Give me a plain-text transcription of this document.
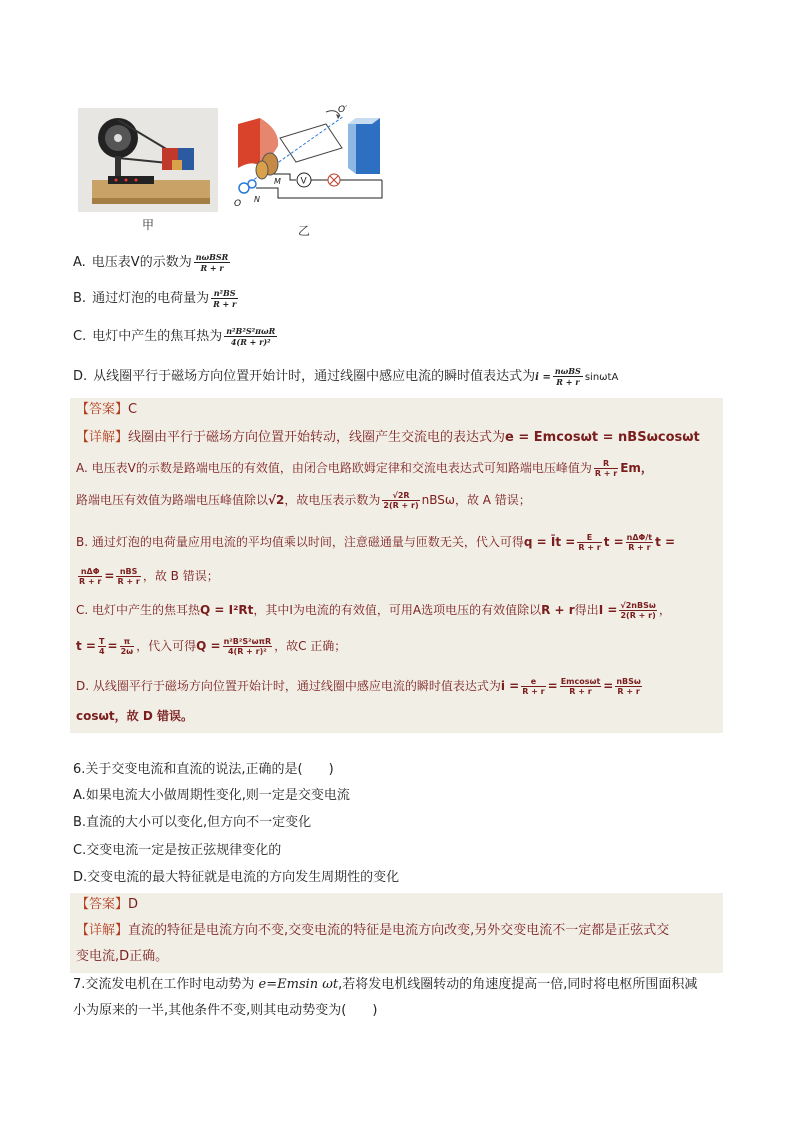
甲
O′
O N
M V
乙
A. 电压表V的示数为 $\frac{\text{nωBSR}}{R + r}$
B. 通过灯泡的电荷量为 $\frac{\text{n²BS}}{R + r}$
C. 电灯中产生的焦耳热为 $\frac{\text{n²B²S²πωR}}{\text{4(R + r)²}}$
D. 从线圈平行于磁场方向位置开始计时，通过线圈中感应电流的瞬时值表达式为$i = \frac{\text{nωBS}}{R + r}$ sinωtA
【答案】C
【详解】线圈由平行于磁场方向位置开始转动，线圈产生交流电的表达式为e = Emcosωt = nBSωcosωt
A. 电压表V的示数是路端电压的有效值，由闭合电路欧姆定律和交流电表达式可知路端电压峰值为 $\frac{R}{R + r}$ Em，
路端电压有效值为路端电压峰值除以√2，故电压表示数为 $\frac{√2R}{2(R + r)}$ nBSω，故 A 错误；
B. 通过灯泡的电荷量应用电流的平均值乘以时间，注意磁通量与匝数无关，代入可得q = Īt = $\frac{E}{R + r}$ $t = \frac{\text{nΔΦ/t}}{R + r}$ t =
$\frac{\text{nΔΦ}}{R + r} = \frac{\text{nBS}}{R + r}$ ，故 B 错误；
C. 电灯中产生的焦耳热Q = I²Rt，其中I为电流的有效值，可用A选项电压的有效值除以R + r得出$I = \frac{\text{√2nBSω}}{2(R + r)}$ ，
$t = \frac{T}{4} = \frac{\pi}{2\omega}$ ，代入可得$Q = \frac{\text{n²B²S²ωπR}}{\text{4(R + r)²}}$ ，故C 正确；
D. 从线圈平行于磁场方向位置开始计时，通过线圈中感应电流的瞬时值表达式为$i = \frac{e}{R + r} = \frac{Emcos\omega t}{R + r} = \frac{\text{nBSω}}{R + r}$
cosωt，故 D 错误。
6.关于交变电流和直流的说法,正确的是(　　)
A.如果电流大小做周期性变化,则一定是交变电流
B.直流的大小可以变化,但方向不一定变化
C.交变电流一定是按正弦规律变化的
D.交变电流的最大特征就是电流的方向发生周期性的变化
【答案】D
【详解】直流的特征是电流方向不变,交变电流的特征是电流方向改变,另外交变电流不一定都是正弦式交
变电流,D正确。
7.交流发电机在工作时电动势为 e=Emsin ωt,若将发电机线圈转动的角速度提高一倍,同时将电枢所围面积减
小为原来的一半,其他条件不变,则其电动势变为(　　)
